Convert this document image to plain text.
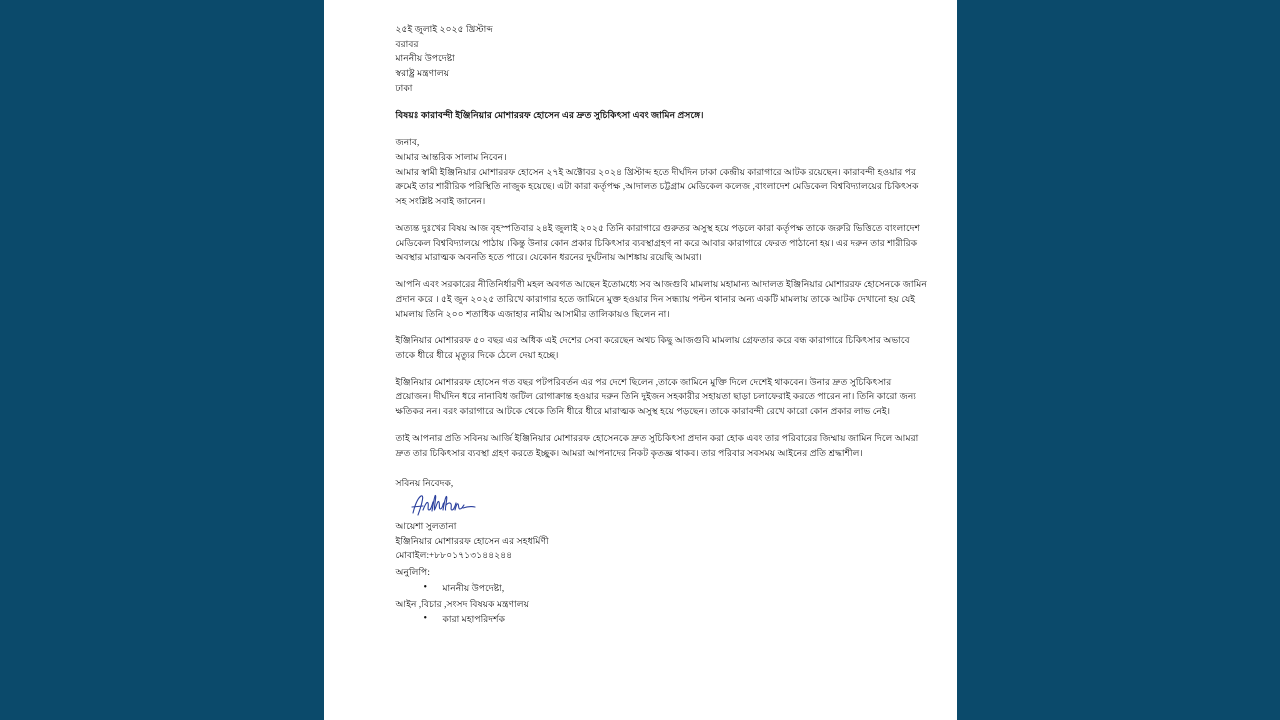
২৫ই জুলাই ২০২৫ খ্রিস্টাব্দ
বরাবর
মাননীয় উপদেষ্টা
স্বরাষ্ট্র মন্ত্রণালয়
ঢাকা
বিষয়ঃ কারাবন্দী ইঞ্জিনিয়ার মোশাররফ হোসেন এর দ্রুত সুচিকিৎসা এবং জামিন প্রসঙ্গে।
জনাব,
আমার আন্তরিক সালাম নিবেন।
আমার স্বামী ইঞ্জিনিয়ার মোশাররফ হোসেন ২৭ই অক্টোবর ২০২৪ খ্রিস্টাব্দ হতে দীর্ঘদিন ঢাকা কেন্দ্রীয় কারাগারে আটক রয়েছেন। কারাবন্দী হওয়ার পর ক্রমেই তার শারীরিক পরিস্থিতি নাজুক হয়েছে। এটা কারা কর্তৃপক্ষ ,আদালত চট্টগ্রাম মেডিকেল কলেজ ,বাংলাদেশ মেডিকেল বিশ্ববিদ্যালয়ের চিকিৎসক সহ সংশ্লিষ্ট সবাই জানেন।
অত্যন্ত দুঃখের বিষয় আজ বৃহস্পতিবার ২৪ই জুলাই ২০২৫ তিনি কারাগারে গুরুতর অসুস্থ হয়ে পড়লে কারা কর্তৃপক্ষ তাকে জরুরি ভিত্তিতে বাংলাদেশ মেডিকেল বিশ্ববিদ্যালয়ে পাঠায় ।কিন্তু উনার কোন প্রকার চিকিৎসার ব্যবস্থাগ্রহণ না করে আবার কারাগারে ফেরত পাঠানো হয়। এর দরুন তার শারীরিক অবস্থার মারাত্মক অবনতি হতে পারে। যেকোন ধরনের দুর্ঘটনায় আশঙ্কায় রয়েছি আমরা।
আপনি এবং সরকারের নীতিনির্ধারণী মহল অবগত আছেন ইতোমধ্যে সব আজগুবি মামলায় মহামান্য আদালত ইঞ্জিনিয়ার মোশাররফ হোসেনকে জামিন প্রদান করে । ৫ই জুন ২০২৫ তারিখে কারাগার হতে জামিনে মুক্ত হওয়ার দিন সন্ধ্যায় পল্টন থানার অন্য একটি মামলায় তাকে আটক দেখানো হয় যেই মামলায় তিনি ২০০ শতাধিক এজাহার নামীয় আসামীর তালিকায়ও ছিলেন না।
ইঞ্জিনিয়ার মোশাররফ ৫০ বছর এর অধিক এই দেশের সেবা করেছেন অথচ কিছু আজগুবি মামলায় গ্রেফতার করে বন্ধ কারাগারে চিকিৎসার অভাবে তাকে ধীরে ধীরে মৃত্যুর দিকে ঠেলে দেয়া হচ্ছে।
ইঞ্জিনিয়ার মোশাররফ হোসেন গত বছর পটপরিবর্তন এর পর দেশে ছিলেন ,তাকে জামিনে মুক্তি দিলে দেশেই থাকবেন। উনার দ্রুত সুচিকিৎসার প্রয়োজন। দীর্ঘদিন ধরে নানাবিধ জটিল রোগাক্রান্ত হওয়ার দরুন তিনি দুইজন সহকারীর সহায়তা ছাড়া চলাফেরাই করতে পারেন না। তিনি কারো জন্য ক্ষতিকর নন। বরং কারাগারে আটকে থেকে তিনি ধীরে ধীরে মারাত্মক অসুস্থ হয়ে পড়ছেন। তাকে কারাবন্দী রেখে কারো কোন প্রকার লাভ নেই।
তাই আপনার প্রতি সবিনয় আর্জি ইঞ্জিনিয়ার মোশাররফ হোসেনকে দ্রুত সুচিকিৎসা প্রদান করা হোক এবং তার পরিবারের জিম্মায় জামিন দিলে আমরা দ্রুত তার চিকিৎসার ব্যবস্থা গ্রহণ করতে ইচ্ছুক। আমরা আপনাদের নিকট কৃতজ্ঞ থাকব। তার পরিবার সবসময় আইনের প্রতি শ্রদ্ধাশীল।
সবিনয় নিবেদক,
আয়েশা সুলতানা
ইঞ্জিনিয়ার মোশাররফ হোসেন এর সহধর্মিণী
মোবাইল:+৮৮০১৭১৩১৪৪২৪৪
অনুলিপি:
• মাননীয় উপদেষ্টা,
আইন ,বিচার ,সংসদ বিষয়ক মন্ত্রণালয়
• কারা মহাপরিদর্শক
